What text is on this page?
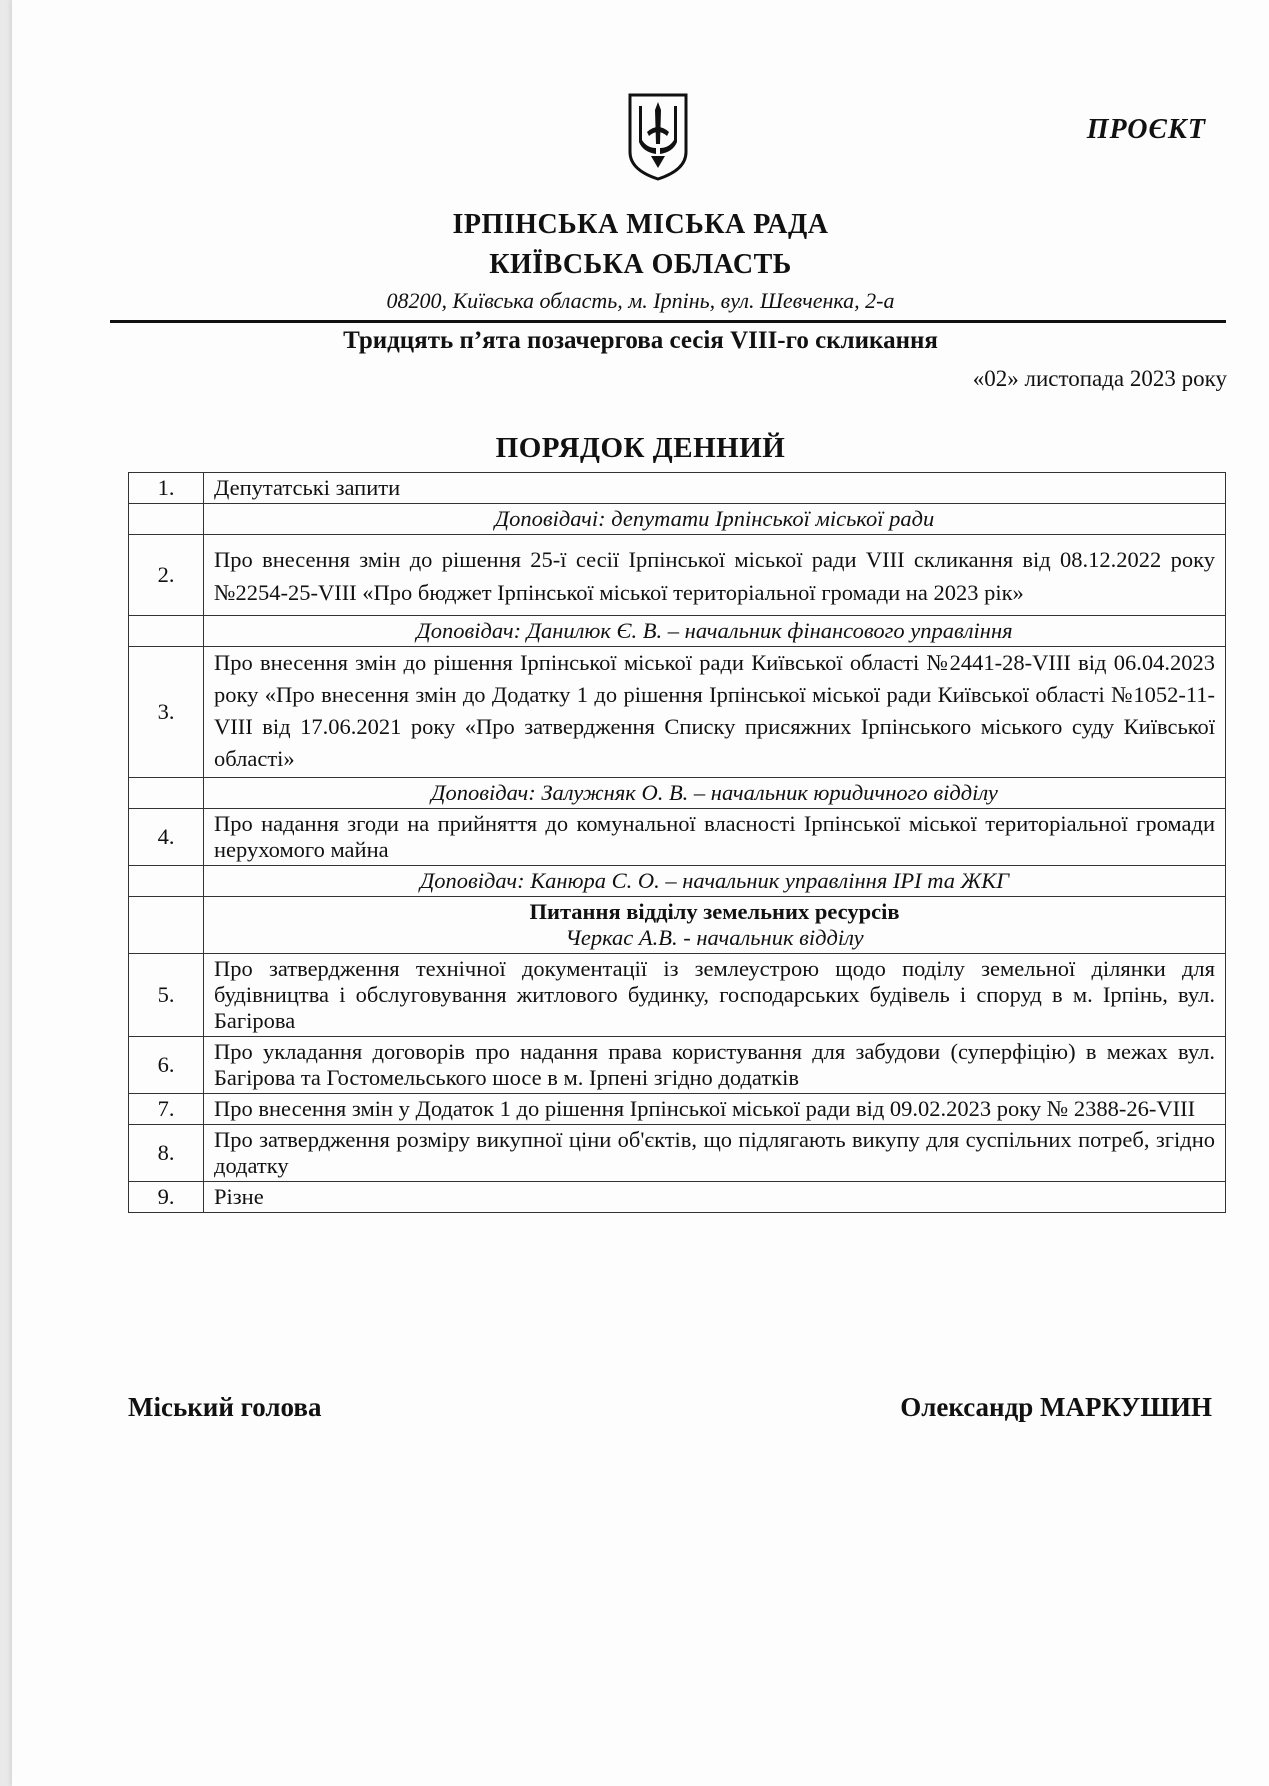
ПРОЄКТ
ІРПІНСЬКА МІСЬКА РАДА
КИЇВСЬКА ОБЛАСТЬ
08200, Київська область, м. Ірпінь, вул. Шевченка, 2-а
Тридцять п’ята позачергова сесія VIII-го скликання
«02» листопада 2023 року
ПОРЯДОК ДЕННИЙ
1.	Депутатські запити
	Доповідачі: депутати Ірпінської міської ради
2.	Про внесення змін до рішення 25-ї сесії Ірпінської міської ради VIII скликання від 08.12.2022 року №2254-25-VIII «Про бюджет Ірпінської міської територіальної громади на 2023 рік»
	Доповідач: Данилюк Є. В. – начальник фінансового управління
3.	Про внесення змін до рішення Ірпінської міської ради Київської області №2441-28-VIII від 06.04.2023 року «Про внесення змін до Додатку 1 до рішення Ірпінської міської ради Київської області №1052-11-VIII від 17.06.2021 року «Про затвердження Списку присяжних Ірпінського міського суду Київської області»
	Доповідач: Залужняк О. В. – начальник юридичного відділу
4.	Про надання згоди на прийняття до комунальної власності Ірпінської міської територіальної громади нерухомого майна
	Доповідач: Канюра С. О. – начальник управління ІРІ та ЖКГ

	Питання відділу земельних ресурсів
Черкас А.В. - начальник відділу

5.	Про затвердження технічної документації із землеустрою щодо поділу земельної ділянки для будівництва і обслуговування житлового будинку, господарських будівель і споруд в м. Ірпінь, вул. Багірова
6.	Про укладання договорів про надання права користування для забудови (суперфіцію) в межах вул. Багірова та Гостомельського шосе в м. Ірпені згідно додатків
7.	Про внесення змін у Додаток 1 до рішення Ірпінської міської ради від 09.02.2023 року № 2388-26-VIII
8.	Про затвердження розміру викупної ціни об'єктів, що підлягають викупу для суспільних потреб, згідно додатку
9.	Різне
Міський голова	Олександр МАРКУШИН
